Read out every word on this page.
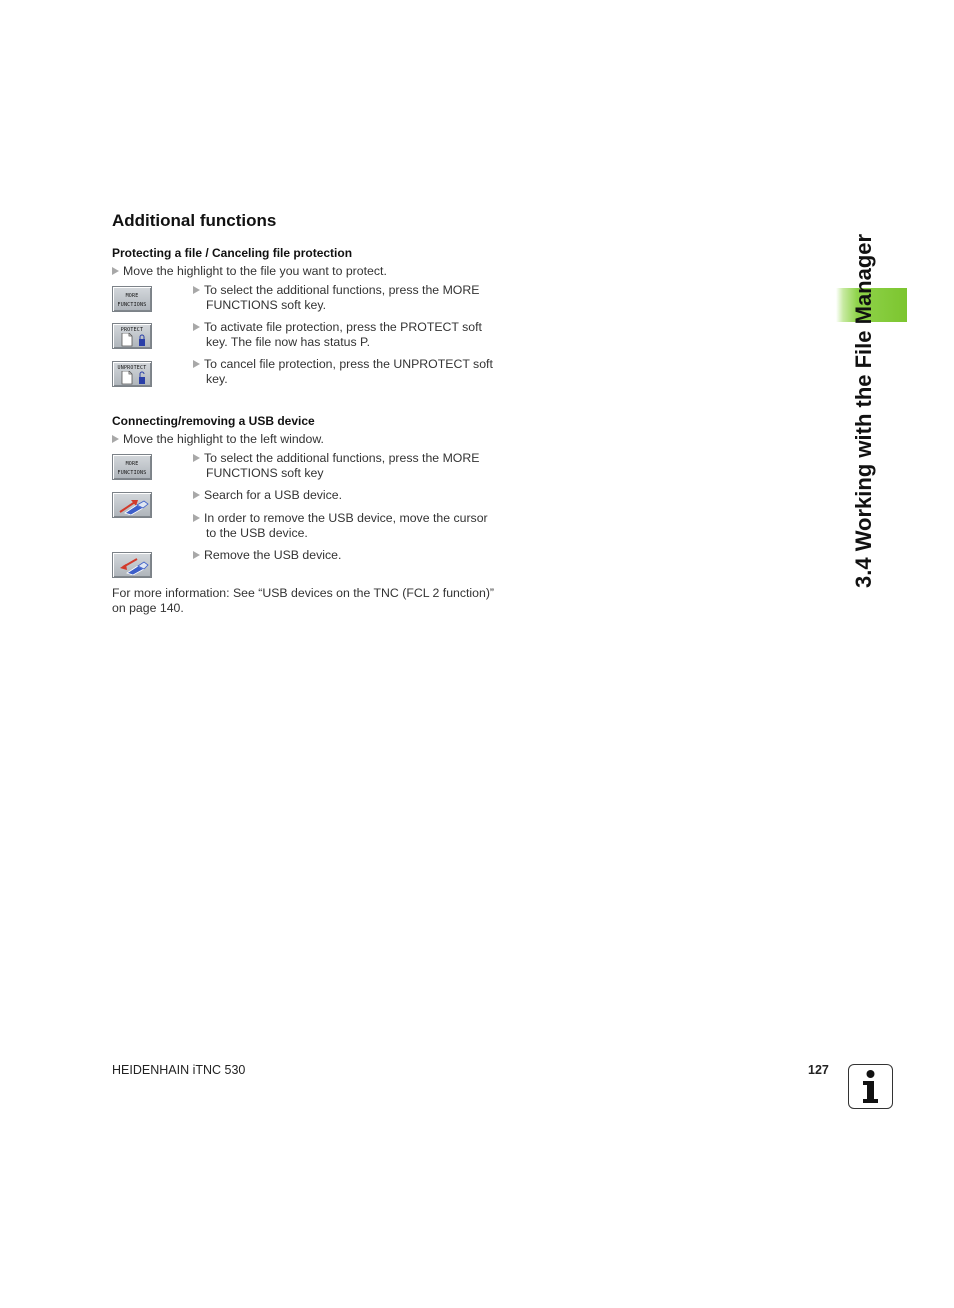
Additional functions
Protecting a file / Canceling file protection
Move the highlight to the file you want to protect.
MORE
FUNCTIONS
To select the additional functions, press the MORE
FUNCTIONS soft key.
PROTECT	To activate file protection, press the PROTECT soft
key. The file now has status P.
UNPROTECT	To cancel file protection, press the UNPROTECT soft
key.
Connecting/removing a USB device
Move the highlight to the left window.
MORE
FUNCTIONS
To select the additional functions, press the MORE
FUNCTIONS soft key
Search for a USB device.
In order to remove the USB device, move the cursor
to the USB device.
Remove the USB device.
For more information: See “USB devices on the TNC (FCL 2 function)”
on page 140.
3.4 Working with the File Manager
HEIDENHAIN iTNC 530	127
